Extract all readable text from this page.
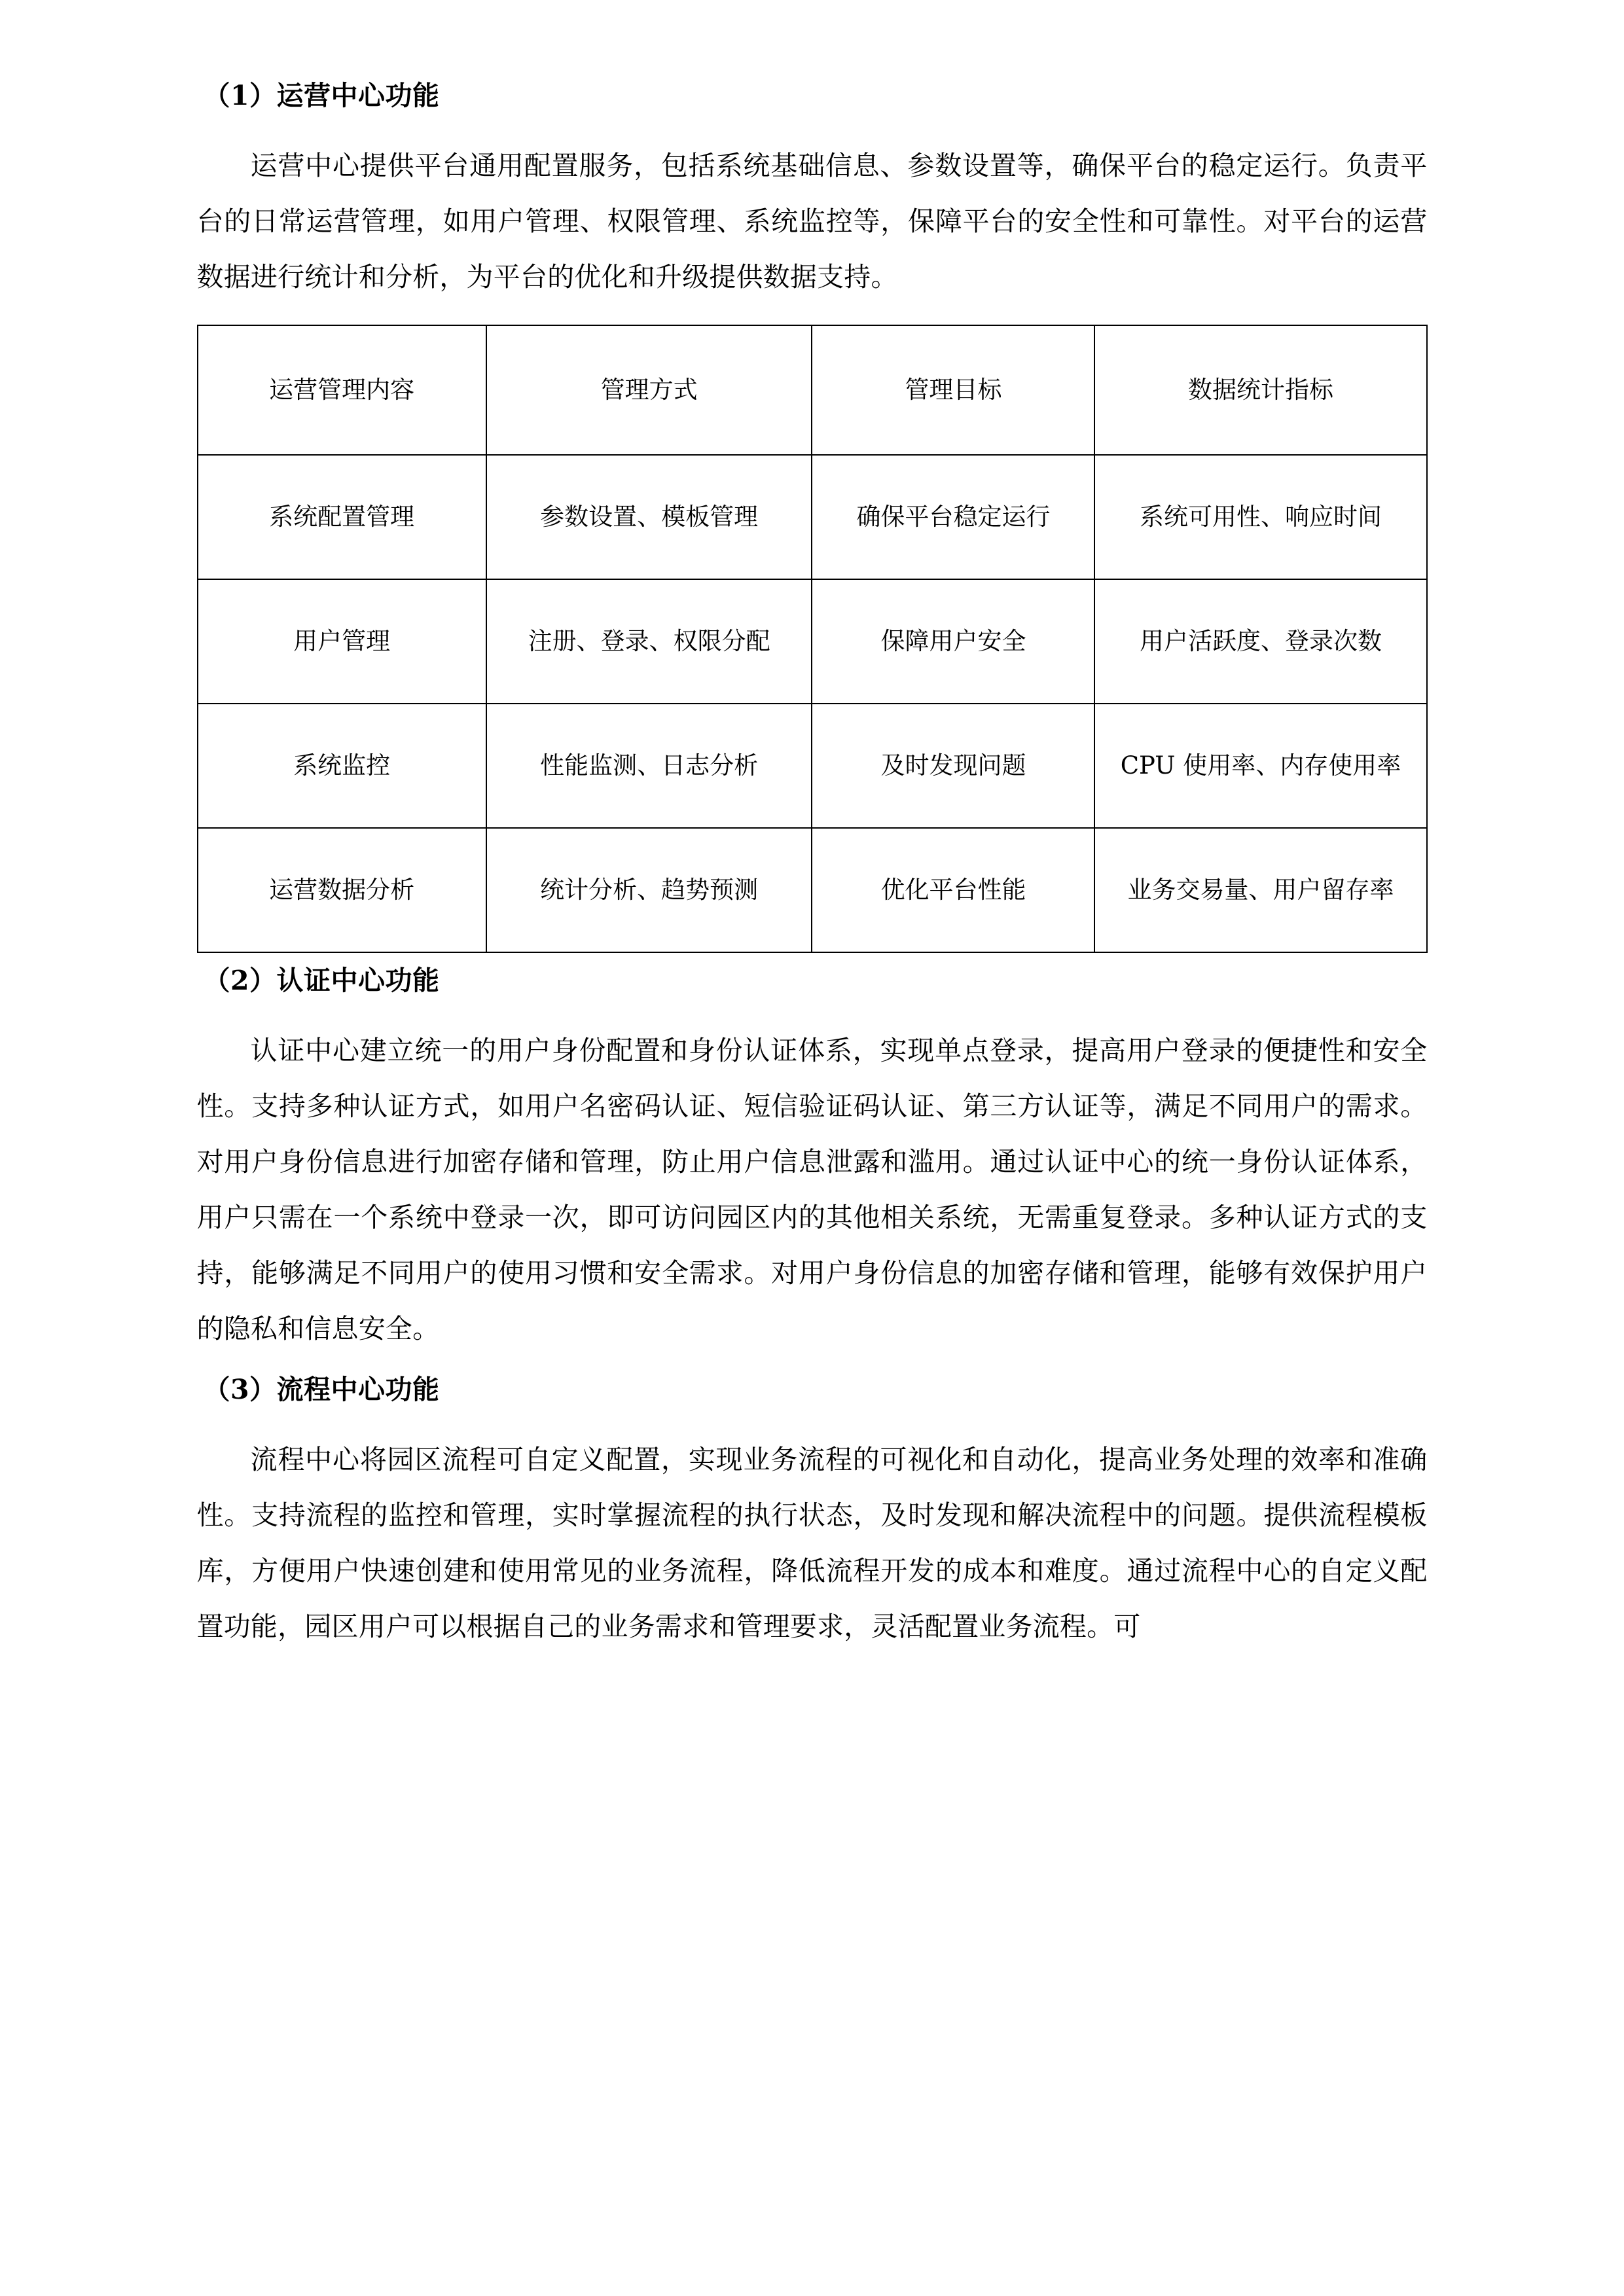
（1）运营中心功能

运营中心提供平台通用配置服务，包括系统基础信息、参数设置等，确保平台的稳定运行。负责平台的日常运营管理，如用户管理、权限管理、系统监控等，保障平台的安全性和可靠性。对平台的运营数据进行统计和分析，为平台的优化和升级提供数据支持。

运营管理内容	管理方式	管理目标	数据统计指标
系统配置管理	参数设置、模板管理	确保平台稳定运行	系统可用性、响应时间
用户管理	注册、登录、权限分配	保障用户安全	用户活跃度、登录次数
系统监控	性能监测、日志分析	及时发现问题	CPU 使用率、内存使用率
运营数据分析	统计分析、趋势预测	优化平台性能	业务交易量、用户留存率
（2）认证中心功能

认证中心建立统一的用户身份配置和身份认证体系，实现单点登录，提高用户登录的便捷性和安全性。支持多种认证方式，如用户名密码认证、短信验证码认证、第三方认证等，满足不同用户的需求。对用户身份信息进行加密存储和管理，防止用户信息泄露和滥用。通过认证中心的统一身份认证体系，用户只需在一个系统中登录一次，即可访问园区内的其他相关系统，无需重复登录。多种认证方式的支持，能够满足不同用户的使用习惯和安全需求。对用户身份信息的加密存储和管理，能够有效保护用户的隐私和信息安全。

（3）流程中心功能

流程中心将园区流程可自定义配置，实现业务流程的可视化和自动化，提高业务处理的效率和准确性。支持流程的监控和管理，实时掌握流程的执行状态，及时发现和解决流程中的问题。提供流程模板库，方便用户快速创建和使用常见的业务流程，降低流程开发的成本和难度。通过流程中心的自定义配置功能，园区用户可以根据自己的业务需求和管理要求，灵活配置业务流程。可
